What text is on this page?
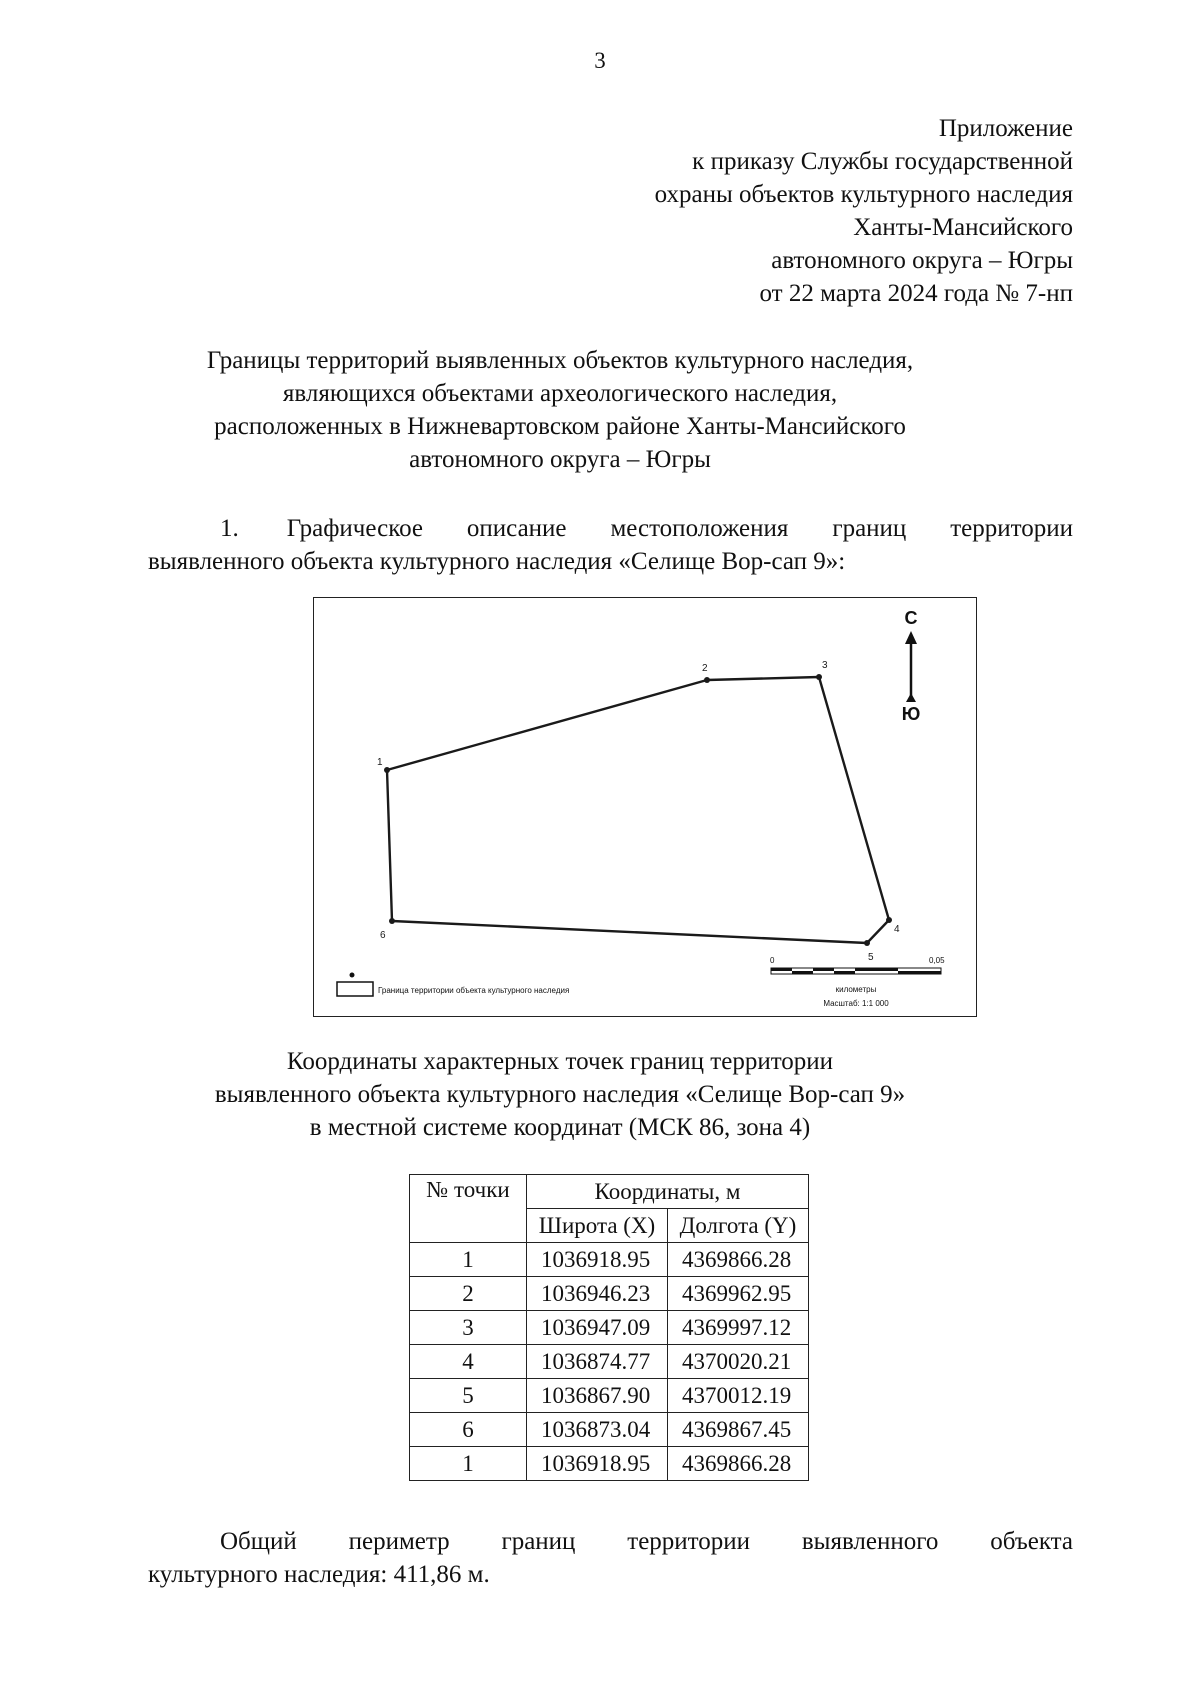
3
Приложение
к приказу Службы государственной
охраны объектов культурного наследия
Ханты-Мансийского
автономного округа – Югры
от 22 марта 2024 года № 7-нп
Границы территорий выявленных объектов культурного наследия,
являющихся объектами археологического наследия,
расположенных в Нижневартовском районе Ханты-Мансийского
автономного округа – Югры
1. Графическое описание местоположения границ территории
выявленного объекта культурного наследия «Селище Вор-сап 9»:
1
2	3
4
5
6
С
Ю
Граница территории объекта культурного наследия
0	0,05
километры
Масштаб: 1:1 000
Координаты характерных точек границ территории
выявленного объекта культурного наследия «Селище Вор-сап 9»
в местной системе координат (МСК 86, зона 4)
№ точки	Координаты, м	
	Широта (X)	Долгота (Y)
1	1036918.95	4369866.28
2	1036946.23	4369962.95
3	1036947.09	4369997.12
4	1036874.77	4370020.21
5	1036867.90	4370012.19
6	1036873.04	4369867.45
1	1036918.95	4369866.28
Общий периметр границ территории выявленного объекта
культурного наследия: 411,86 м.
